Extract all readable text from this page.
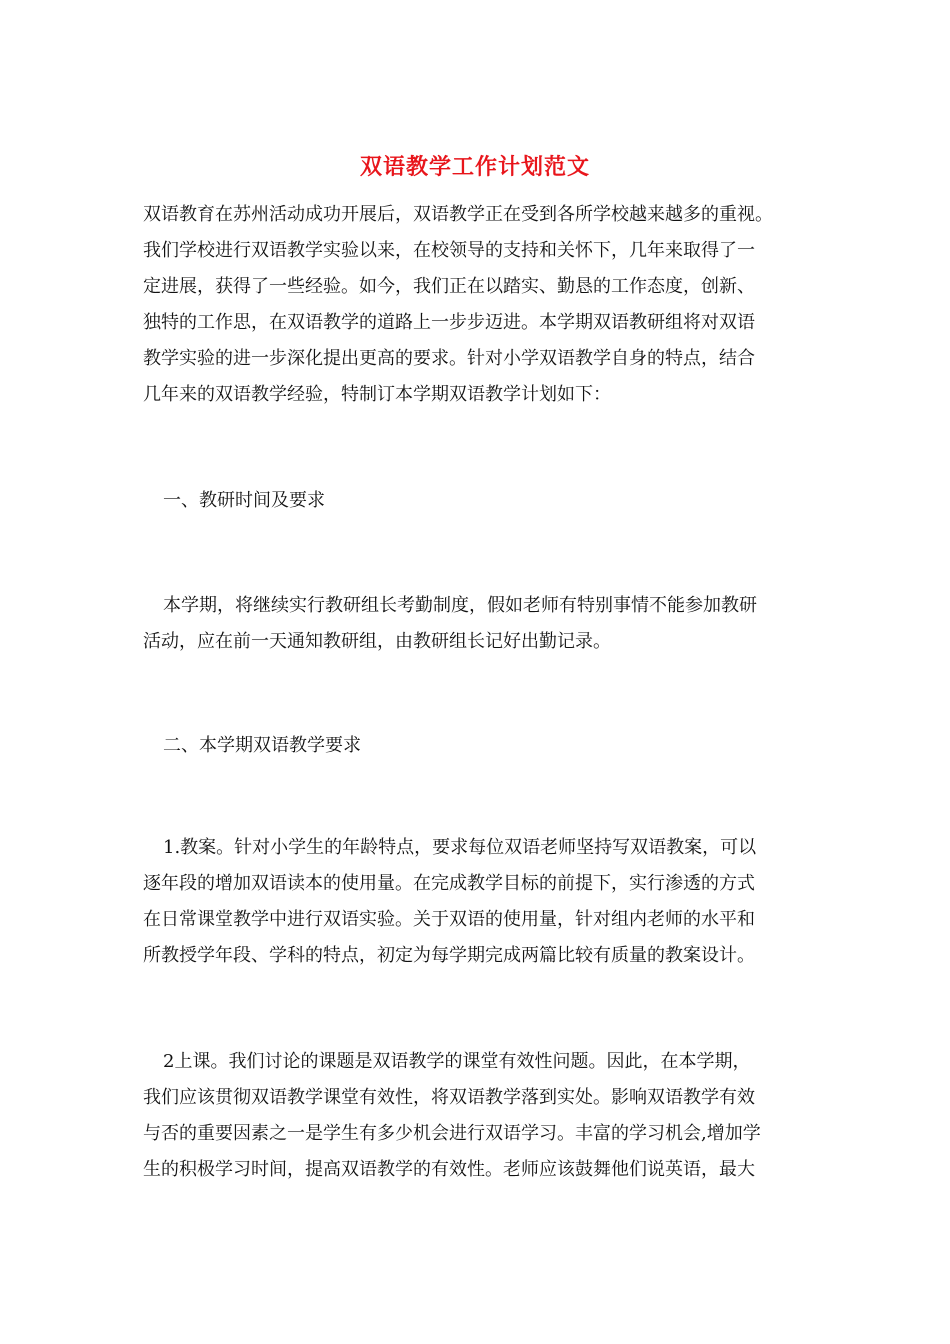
双语教学工作计划范文
双语教育在苏州活动成功开展后，双语教学正在受到各所学校越来越多的重视。
我们学校进行双语教学实验以来，在校领导的支持和关怀下，几年来取得了一
定进展，获得了一些经验。如今，我们正在以踏实、勤恳的工作态度，创新、
独特的工作思，在双语教学的道路上一步步迈进。本学期双语教研组将对双语
教学实验的进一步深化提出更高的要求。针对小学双语教学自身的特点，结合
几年来的双语教学经验，特制订本学期双语教学计划如下：
一、教研时间及要求
本学期，将继续实行教研组长考勤制度，假如老师有特别事情不能参加教研
活动，应在前一天通知教研组，由教研组长记好出勤记录。
二、本学期双语教学要求
1.教案。针对小学生的年龄特点，要求每位双语老师坚持写双语教案，可以
逐年段的增加双语读本的使用量。在完成教学目标的前提下，实行渗透的方式
在日常课堂教学中进行双语实验。关于双语的使用量，针对组内老师的水平和
所教授学年段、学科的特点，初定为每学期完成两篇比较有质量的教案设计。
2上课。我们讨论的课题是双语教学的课堂有效性问题。因此，在本学期，
我们应该贯彻双语教学课堂有效性，将双语教学落到实处。影响双语教学有效
与否的重要因素之一是学生有多少机会进行双语学习。丰富的学习机会,增加学
生的积极学习时间，提高双语教学的有效性。老师应该鼓舞他们说英语，最大
